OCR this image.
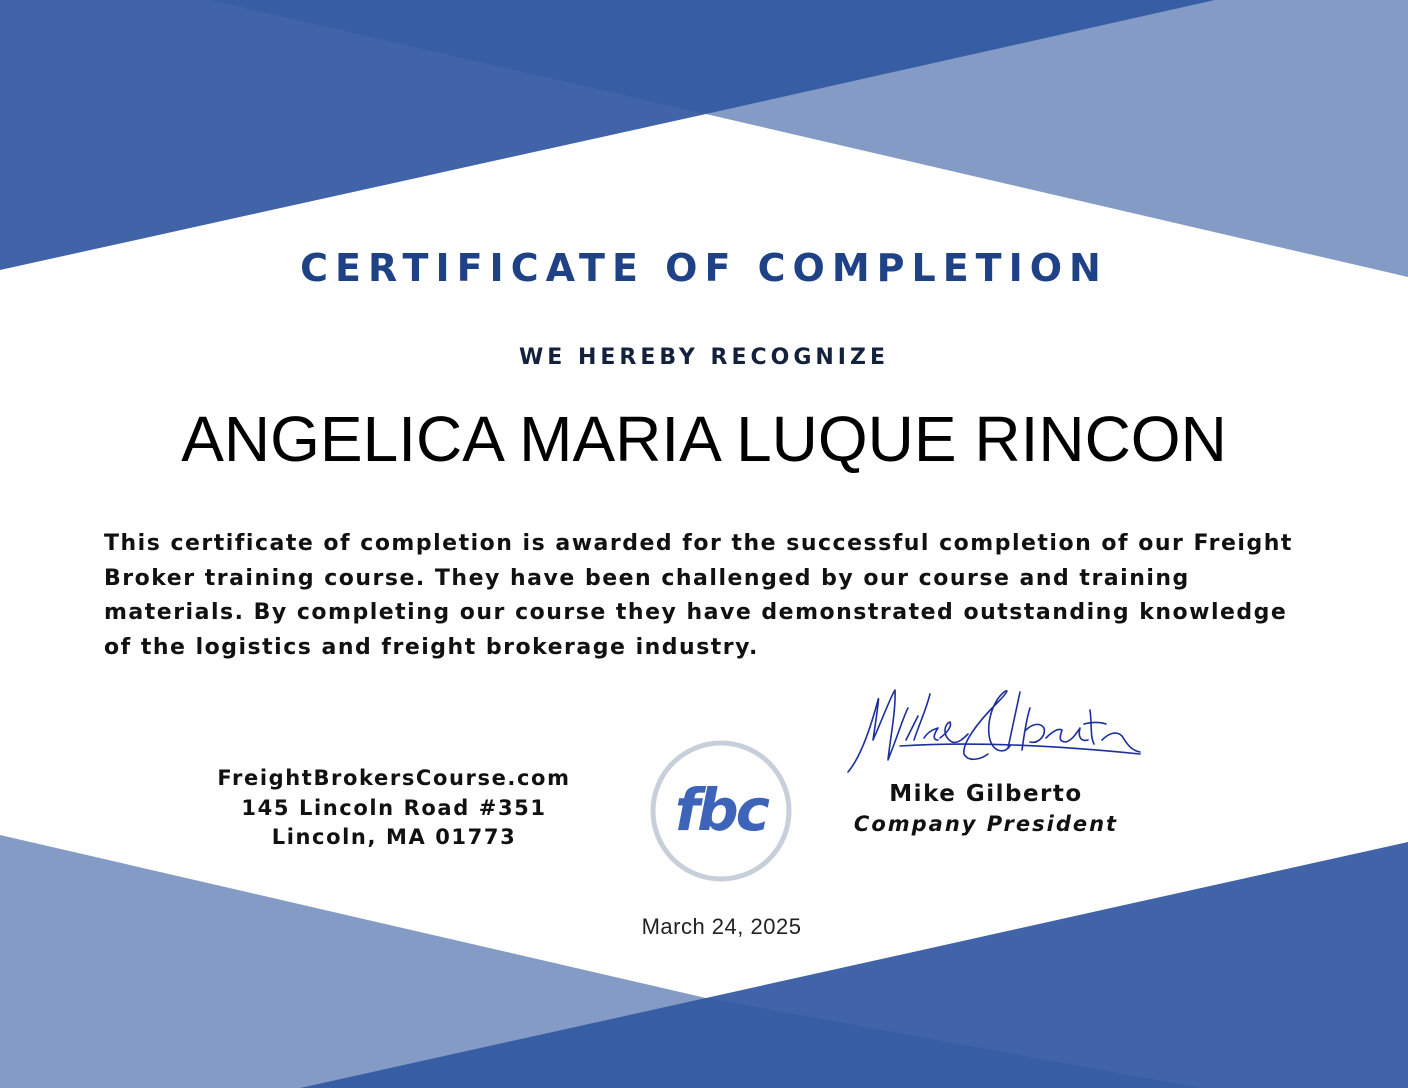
CERTIFICATE OF COMPLETION
WE HEREBY RECOGNIZE
ANGELICA MARIA LUQUE RINCON

This certificate of completion is awarded for the successful completion of our Freight Broker training course. They have been challenged by our course and training materials. By completing our course they have demonstrated outstanding knowledge of the logistics and freight brokerage industry.

FreightBrokersCourse.com
145 Lincoln Road #351
Lincoln, MA 01773	fbc	Mike Gilberto
Company President
March 24, 2025
